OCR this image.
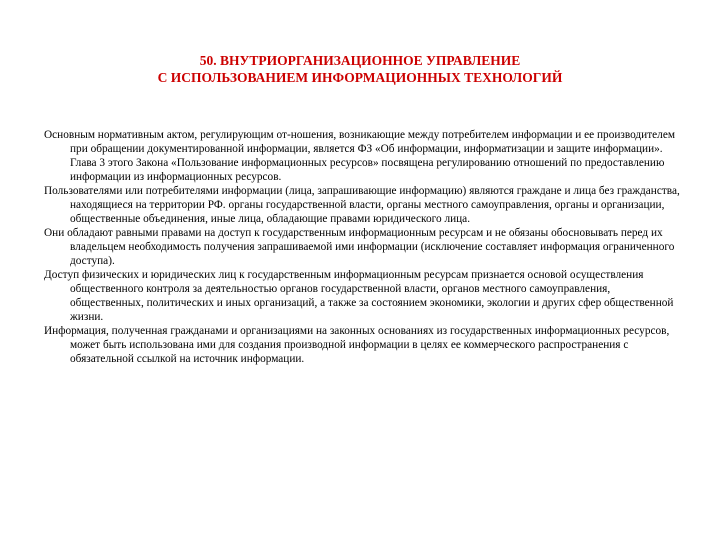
50. ВНУТРИОРГАНИЗАЦИОННОЕ УПРАВЛЕНИЕ
С ИСПОЛЬЗОВАНИЕМ ИНФОРМАЦИОННЫХ ТЕХНОЛОГИЙ

Основным нормативным актом, регулирующим от-ношения, возникающие между потребителем информации и ее производителем при обращении документированной информации, является ФЗ «Об информации, информатизации и защите информации». Глава 3 этого Закона «Пользование информационных ресурсов» посвящена регулированию отношений по предоставлению информации из информационных ресурсов.

Пользователями или потребителями информации (лица, запрашивающие информацию) являются граждане и лица без гражданства, находящиеся на территории РФ. органы государственной власти, органы местного самоуправления, органы и организации, общественные объединения, иные лица, обладающие правами юридического лица.

Они обладают равными правами на доступ к государственным информационным ресурсам и не обязаны обосновывать перед их владельцем необходимость получения запрашиваемой ими информации (исключение составляет информация ограниченного доступа).

Доступ физических и юридических лиц к государственным информационным ресурсам признается основой осуществления общественного контроля за деятельностью органов государственной власти, органов местного самоуправления, общественных, политических и иных организаций, а также за состоянием экономики, экологии и других сфер общественной жизни.

Информация, полученная гражданами и организациями на законных основаниях из государственных информационных ресурсов, может быть использована ими для создания производной информации в целях ее коммерческого распространения с обязательной ссылкой на источник информации.
